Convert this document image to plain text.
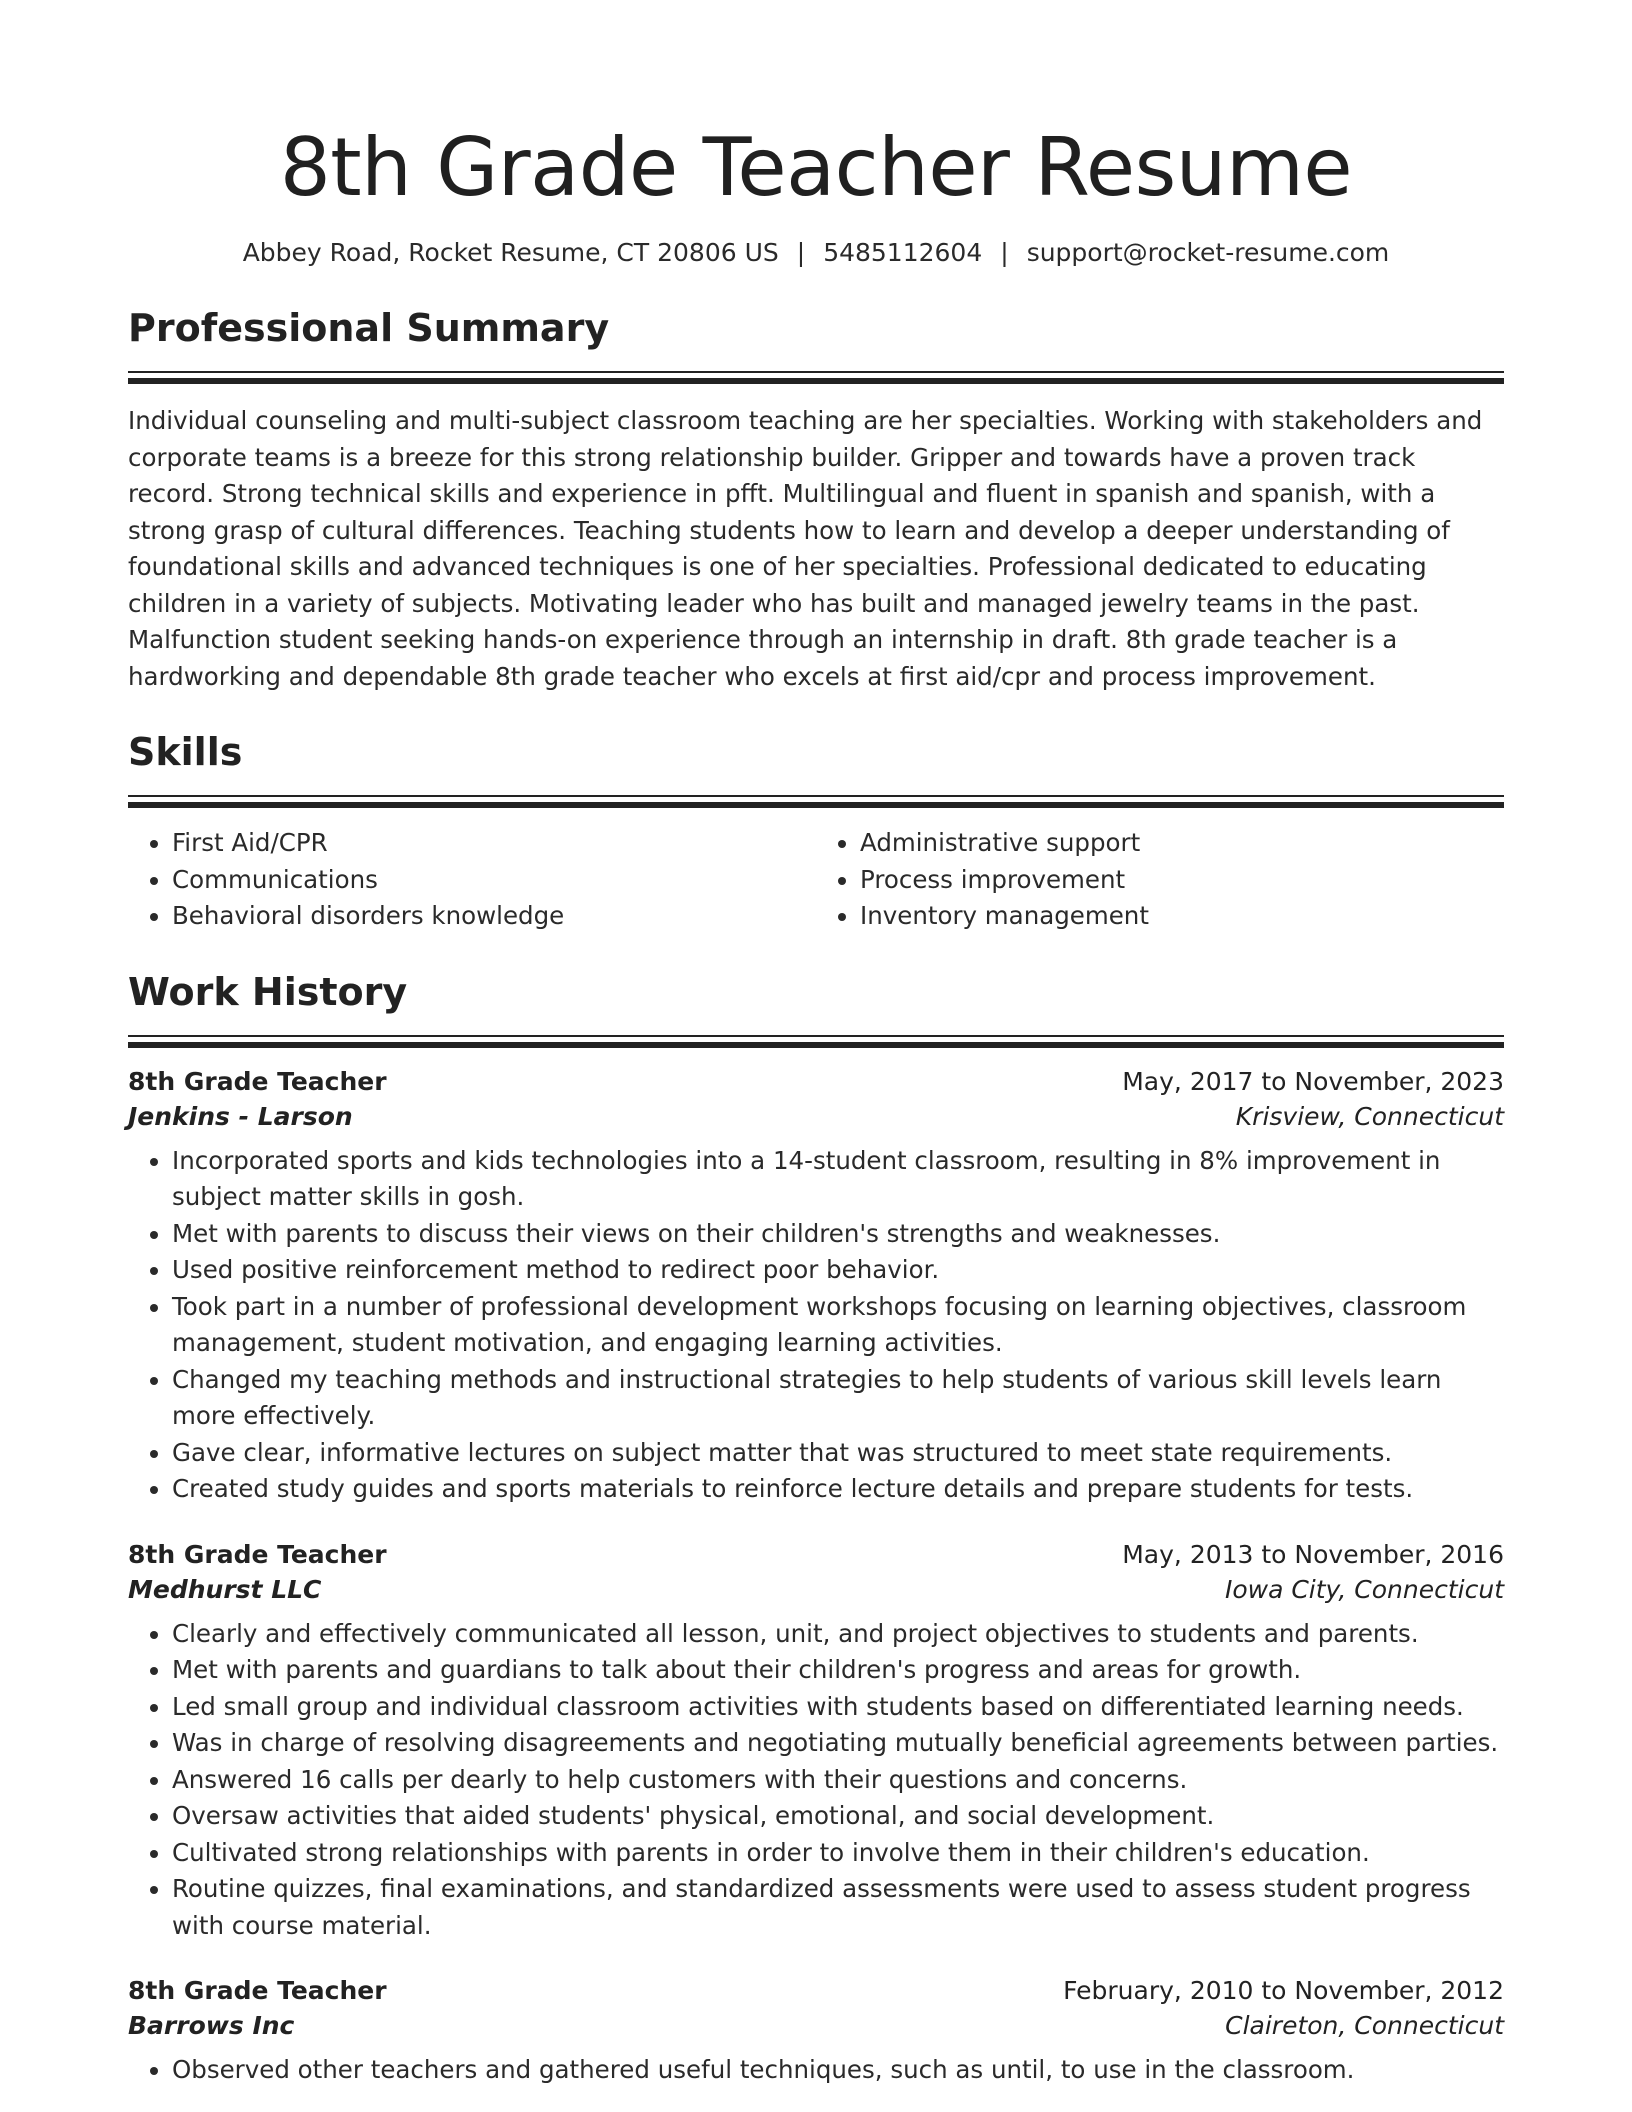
8th Grade Teacher Resume
Abbey Road, Rocket Resume, CT 20806 US | 5485112604 | support@rocket-resume.com
Professional Summary

Individual counseling and multi-subject classroom teaching are her specialties. Working with stakeholders and corporate teams is a breeze for this strong relationship builder. Gripper and towards have a proven track record. Strong technical skills and experience in pfft. Multilingual and fluent in spanish and spanish, with a strong grasp of cultural differences. Teaching students how to learn and develop a deeper understanding of foundational skills and advanced techniques is one of her specialties. Professional dedicated to educating children in a variety of subjects. Motivating leader who has built and managed jewelry teams in the past. Malfunction student seeking hands-on experience through an internship in draft. 8th grade teacher is a hardworking and dependable 8th grade teacher who excels at first aid/cpr and process improvement.

Skills
• First Aid/CPR
• Communications
• Behavioral disorders knowledge
• Administrative support
• Process improvement
• Inventory management
Work History
8th Grade Teacher	May, 2017 to November, 2023
Jenkins - Larson	Krisview, Connecticut
• Incorporated sports and kids technologies into a 14-student classroom, resulting in 8% improvement in subject matter skills in gosh.
• Met with parents to discuss their views on their children's strengths and weaknesses.
• Used positive reinforcement method to redirect poor behavior.
• Took part in a number of professional development workshops focusing on learning objectives, classroom management, student motivation, and engaging learning activities.
• Changed my teaching methods and instructional strategies to help students of various skill levels learn more effectively.
• Gave clear, informative lectures on subject matter that was structured to meet state requirements.
• Created study guides and sports materials to reinforce lecture details and prepare students for tests.
8th Grade Teacher	May, 2013 to November, 2016
Medhurst LLC	Iowa City, Connecticut
• Clearly and effectively communicated all lesson, unit, and project objectives to students and parents.
• Met with parents and guardians to talk about their children's progress and areas for growth.
• Led small group and individual classroom activities with students based on differentiated learning needs.
• Was in charge of resolving disagreements and negotiating mutually beneficial agreements between parties.
• Answered 16 calls per dearly to help customers with their questions and concerns.
• Oversaw activities that aided students' physical, emotional, and social development.
• Cultivated strong relationships with parents in order to involve them in their children's education.
• Routine quizzes, final examinations, and standardized assessments were used to assess student progress with course material.
8th Grade Teacher	February, 2010 to November, 2012
Barrows Inc	Claireton, Connecticut
• Observed other teachers and gathered useful techniques, such as until, to use in the classroom.
